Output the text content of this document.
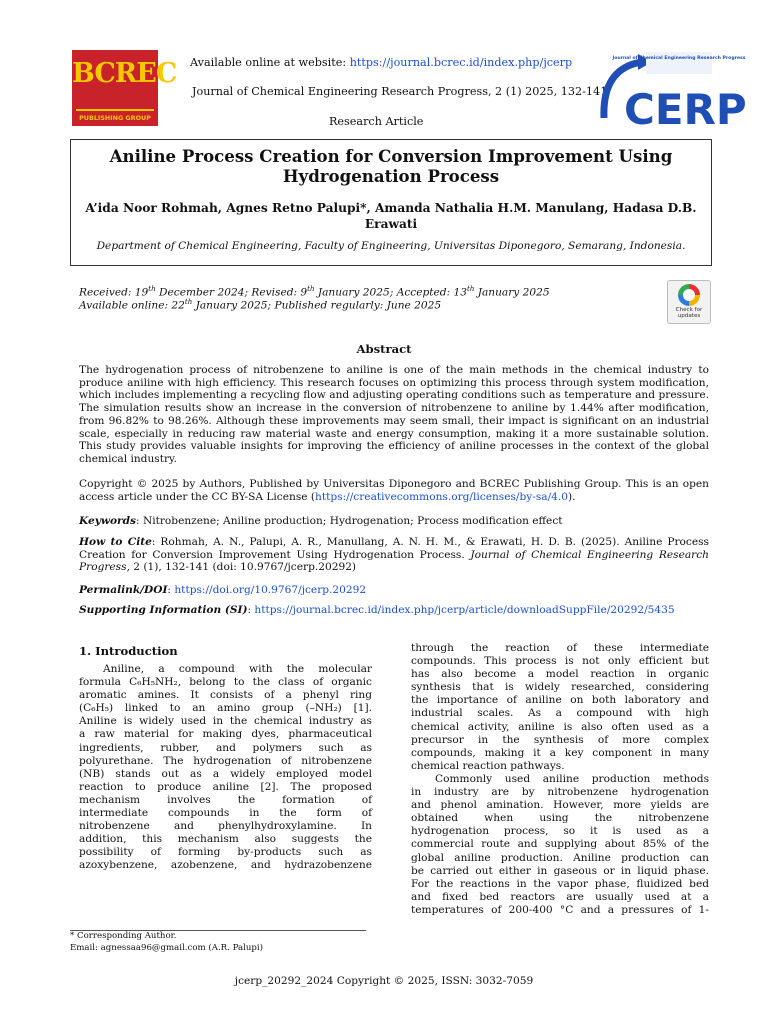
BCREC
PUBLISHING GROUP
Available online at website: https://journal.bcrec.id/index.php/jcerp
Journal of Chemical Engineering Research Progress, 2 (1) 2025, 132-141
Research Article
Journal of Chemical Engineering Research Progress
CERP
Aniline Process Creation for Conversion Improvement Using Hydrogenation Process
A’ida Noor Rohmah, Agnes Retno Palupi*, Amanda Nathalia H.M. Manulang, Hadasa D.B. Erawati
Department of Chemical Engineering, Faculty of Engineering, Universitas Diponegoro, Semarang, Indonesia.
Received: 19th December 2024; Revised: 9th January 2025; Accepted: 13th January 2025
Available online: 22th January 2025; Published regularly: June 2025	Check for updates
Abstract
The hydrogenation process of nitrobenzene to aniline is one of the main methods in the chemical industry to produce aniline with high efficiency. This research focuses on optimizing this process through system modification, which includes implementing a recycling flow and adjusting operating conditions such as temperature and pressure. The simulation results show an increase in the conversion of nitrobenzene to aniline by 1.44% after modification, from 96.82% to 98.26%. Although these improvements may seem small, their impact is significant on an industrial scale, especially in reducing raw material waste and energy consumption, making it a more sustainable solution. This study provides valuable insights for improving the efficiency of aniline processes in the context of the global chemical industry.
Copyright © 2025 by Authors, Published by Universitas Diponegoro and BCREC Publishing Group. This is an open access article under the CC BY-SA License (https://creativecommons.org/licenses/by-sa/4.0).
Keywords: Nitrobenzene; Aniline production; Hydrogenation; Process modification effect
How to Cite: Rohmah, A. N., Palupi, A. R., Manullang, A. N. H. M., & Erawati, H. D. B. (2025). Aniline Process Creation for Conversion Improvement Using Hydrogenation Process. Journal of Chemical Engineering Research Progress, 2 (1), 132-141 (doi: 10.9767/jcerp.20292)
Permalink/DOI: https://doi.org/10.9767/jcerp.20292
Supporting Information (SI): https://journal.bcrec.id/index.php/jcerp/article/downloadSuppFile/20292/5435
1. Introduction
Aniline, a compound with the molecular
formula C₆H₅NH₂, belong to the class of organic
aromatic amines. It consists of a phenyl ring
(C₆H₅) linked to an amino group (–NH₂) [1].
Aniline is widely used in the chemical industry as
a raw material for making dyes, pharmaceutical
ingredients, rubber, and polymers such as
polyurethane. The hydrogenation of nitrobenzene
(NB) stands out as a widely employed model
reaction to produce aniline [2]. The proposed
mechanism involves the formation of
intermediate compounds in the form of
nitrobenzene and phenylhydroxylamine. In
addition, this mechanism also suggests the
possibility of forming by-products such as
azoxybenzene, azobenzene, and hydrazobenzene
through the reaction of these intermediate
compounds. This process is not only efficient but
has also become a model reaction in organic
synthesis that is widely researched, considering
the importance of aniline on both laboratory and
industrial scales. As a compound with high
chemical activity, aniline is also often used as a
precursor in the synthesis of more complex
compounds, making it a key component in many
chemical reaction pathways.
Commonly used aniline production methods
in industry are by nitrobenzene hydrogenation
and phenol amination. However, more yields are
obtained when using the nitrobenzene
hydrogenation process, so it is used as a
commercial route and supplying about 85% of the
global aniline production. Aniline production can
be carried out either in gaseous or in liquid phase.
For the reactions in the vapor phase, fluidized bed
and fixed bed reactors are usually used at a
temperatures of 200-400 °C and a pressures of 1-
* Corresponding Author.
Email: agnessaa96@gmail.com (A.R. Palupi)
jcerp_20292_2024 Copyright © 2025, ISSN: 3032-7059
